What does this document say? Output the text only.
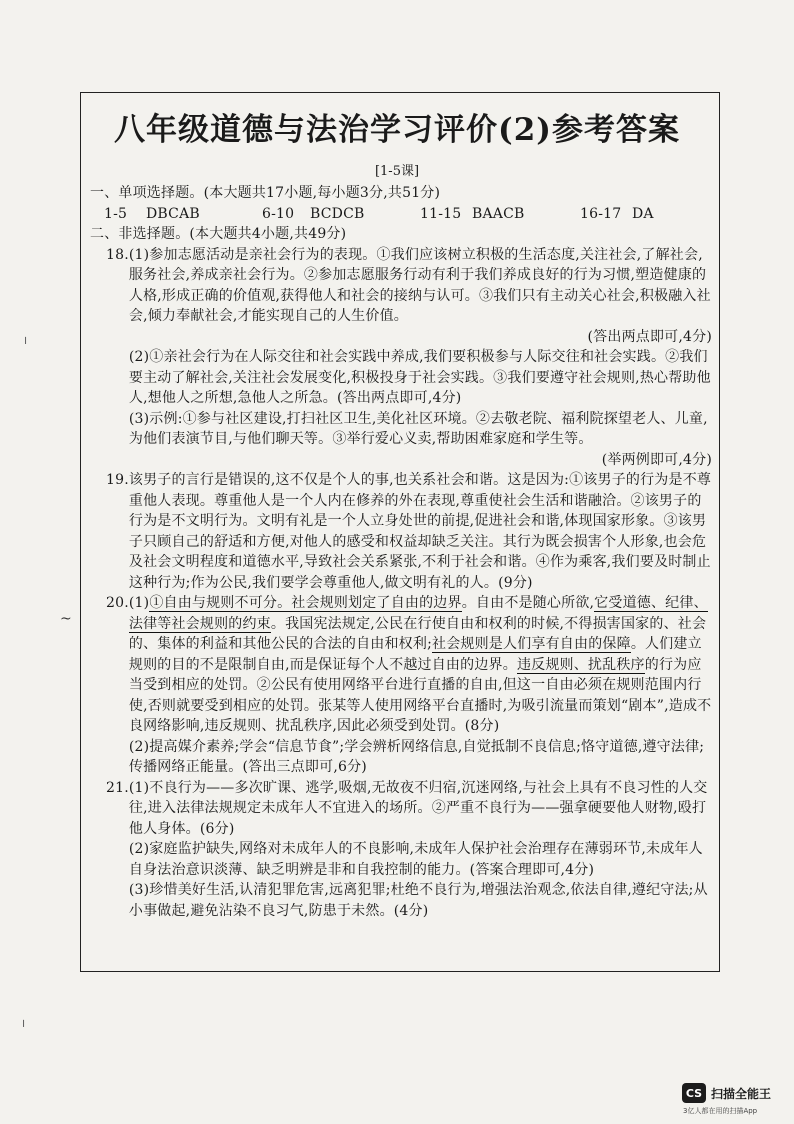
八年级道德与法治学习评价(2)参考答案
[1-5课]
╷
╵
~

一、单项选择题。(本大题共17小题,每小题3分,共51分)

1-5	DBCAB	6-10	BCDCB	11-15 BAACB	16-17 DA

二、非选择题。(本大题共4小题,共49分)

18. (1)参加志愿活动是亲社会行为的表现。①我们应该树立积极的生活态度,关注社会,了解社会,服务社会,养成亲社会行为。②参加志愿服务行动有利于我们养成良好的行为习惯,塑造健康的人格,形成正确的价值观,获得他人和社会的接纳与认可。③我们只有主动关心社会,积极融入社会,倾力奉献社会,才能实现自己的人生价值。

(答出两点即可,4分)

(2)①亲社会行为在人际交往和社会实践中养成,我们要积极参与人际交往和社会实践。②我们要主动了解社会,关注社会发展变化,积极投身于社会实践。③我们要遵守社会规则,热心帮助他人,想他人之所想,急他人之所急。(答出两点即可,4分)

(3)示例:①参与社区建设,打扫社区卫生,美化社区环境。②去敬老院、福利院探望老人、儿童,为他们表演节目,与他们聊天等。③举行爱心义卖,帮助困难家庭和学生等。

(举两例即可,4分)

19. 该男子的言行是错误的,这不仅是个人的事,也关系社会和谐。这是因为:①该男子的行为是不尊重他人表现。尊重他人是一个人内在修养的外在表现,尊重使社会生活和谐融洽。②该男子的行为是不文明行为。文明有礼是一个人立身处世的前提,促进社会和谐,体现国家形象。③该男子只顾自己的舒适和方便,对他人的感受和权益却缺乏关注。其行为既会损害个人形象,也会危及社会文明程度和道德水平,导致社会关系紧张,不利于社会和谐。④作为乘客,我们要及时制止这种行为;作为公民,我们要学会尊重他人,做文明有礼的人。(9分)

20. (1)①自由与规则不可分。社会规则划定了自由的边界。自由不是随心所欲,它受道德、纪律、法律等社会规则的约束。我国宪法规定,公民在行使自由和权利的时候,不得损害国家的、社会的、集体的利益和其他公民的合法的自由和权利;社会规则是人们享有自由的保障。人们建立规则的目的不是限制自由,而是保证每个人不越过自由的边界。违反规则、扰乱秩序的行为应当受到相应的处罚。②公民有使用网络平台进行直播的自由,但这一自由必须在规则范围内行使,否则就要受到相应的处罚。张某等人使用网络平台直播时,为吸引流量而策划“剧本”,造成不良网络影响,违反规则、扰乱秩序,因此必须受到处罚。(8分)

(2)提高媒介素养;学会“信息节食”;学会辨析网络信息,自觉抵制不良信息;恪守道德,遵守法律;传播网络正能量。(答出三点即可,6分)

21. (1)不良行为——多次旷课、逃学,吸烟,无故夜不归宿,沉迷网络,与社会上具有不良习性的人交往,进入法律法规规定未成年人不宜进入的场所。②严重不良行为——强拿硬要他人财物,殴打他人身体。(6分)

(2)家庭监护缺失,网络对未成年人的不良影响,未成年人保护社会治理存在薄弱环节,未成年人自身法治意识淡薄、缺乏明辨是非和自我控制的能力。(答案合理即可,4分)

(3)珍惜美好生活,认清犯罪危害,远离犯罪;杜绝不良行为,增强法治观念,依法自律,遵纪守法;从小事做起,避免沾染不良习气,防患于未然。(4分)

CS 扫描全能王
3亿人都在用的扫描App
